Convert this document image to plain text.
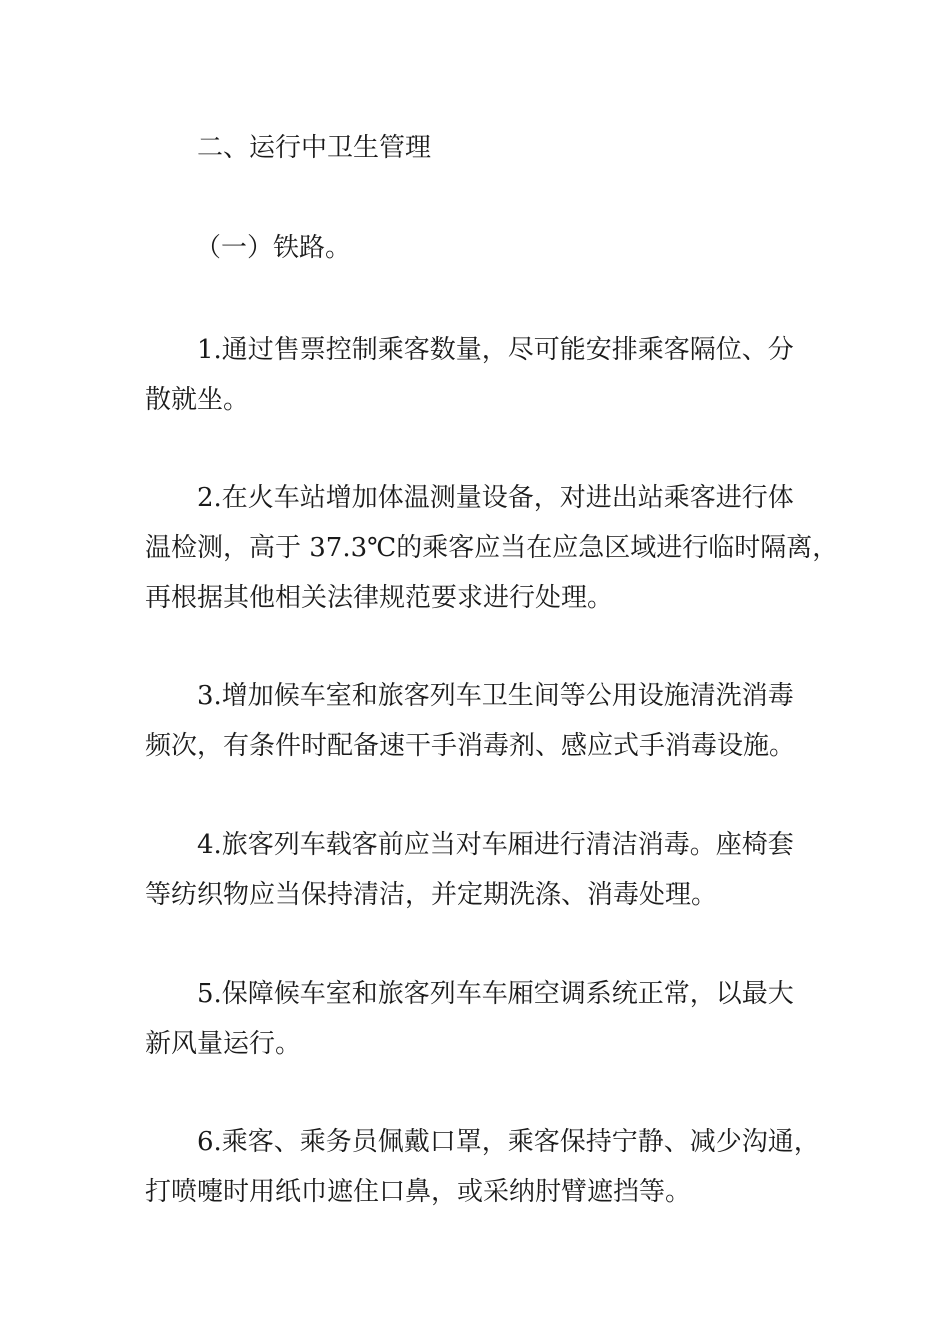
二、运行中卫生管理
（一）铁路。
1.通过售票控制乘客数量，尽可能安排乘客隔位、分
散就坐。
2.在火车站增加体温测量设备，对进出站乘客进行体
温检测，高于 37.3℃的乘客应当在应急区域进行临时隔离，
再根据其他相关法律规范要求进行处理。
3.增加候车室和旅客列车卫生间等公用设施清洗消毒
频次，有条件时配备速干手消毒剂、感应式手消毒设施。
4.旅客列车载客前应当对车厢进行清洁消毒。座椅套
等纺织物应当保持清洁，并定期洗涤、消毒处理。
5.保障候车室和旅客列车车厢空调系统正常，以最大
新风量运行。
6.乘客、乘务员佩戴口罩，乘客保持宁静、减少沟通，
打喷嚏时用纸巾遮住口鼻，或采纳肘臂遮挡等。
